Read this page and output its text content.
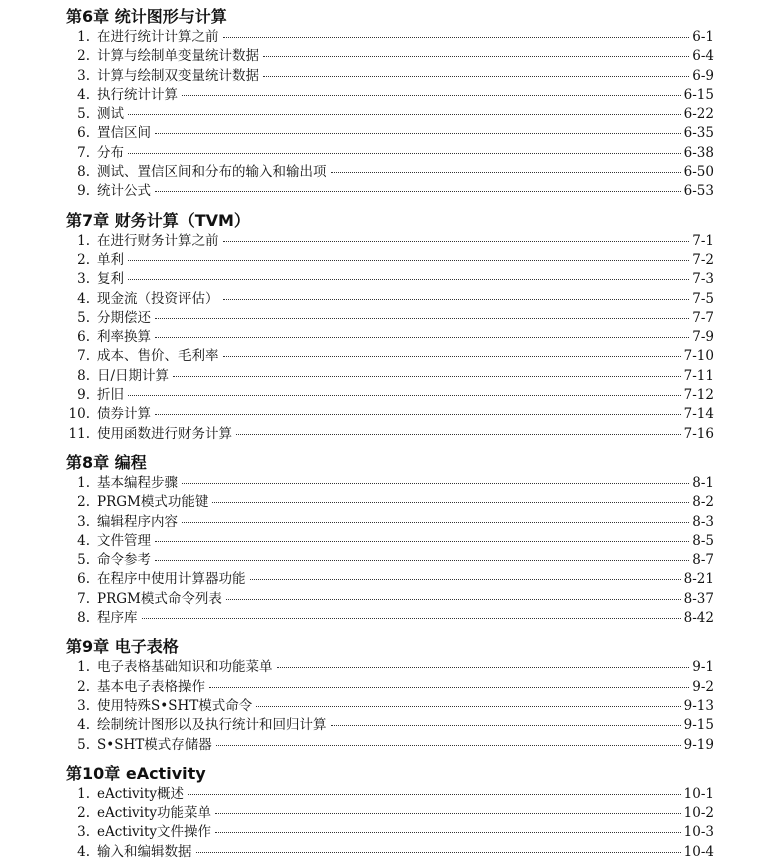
第6章 统计图形与计算
1. 在进行统计计算之前	6-1
2. 计算与绘制单变量统计数据	6-4
3. 计算与绘制双变量统计数据	6-9
4. 执行统计计算	6-15
5. 测试	6-22
6. 置信区间	6-35
7. 分布	6-38
8. 测试、置信区间和分布的输入和输出项	6-50
9. 统计公式	6-53
第7章 财务计算（TVM）
1. 在进行财务计算之前	7-1
2. 单利	7-2
3. 复利	7-3
4. 现金流（投资评估）	7-5
5. 分期偿还	7-7
6. 利率换算	7-9
7. 成本、售价、毛利率	7-10
8. 日/日期计算	7-11
9. 折旧	7-12
10. 债券计算	7-14
11. 使用函数进行财务计算	7-16
第8章 编程
1. 基本编程步骤	8-1
2. PRGM模式功能键	8-2
3. 编辑程序内容	8-3
4. 文件管理	8-5
5. 命令参考	8-7
6. 在程序中使用计算器功能	8-21
7. PRGM模式命令列表	8-37
8. 程序库	8-42
第9章 电子表格
1. 电子表格基础知识和功能菜单	9-1
2. 基本电子表格操作	9-2
3. 使用特殊S•SHT模式命令	9-13
4. 绘制统计图形以及执行统计和回归计算	9-15
5. S•SHT模式存储器	9-19
第10章 eActivity
1. eActivity概述	10-1
2. eActivity功能菜单	10-2
3. eActivity文件操作	10-3
4. 输入和编辑数据	10-4
